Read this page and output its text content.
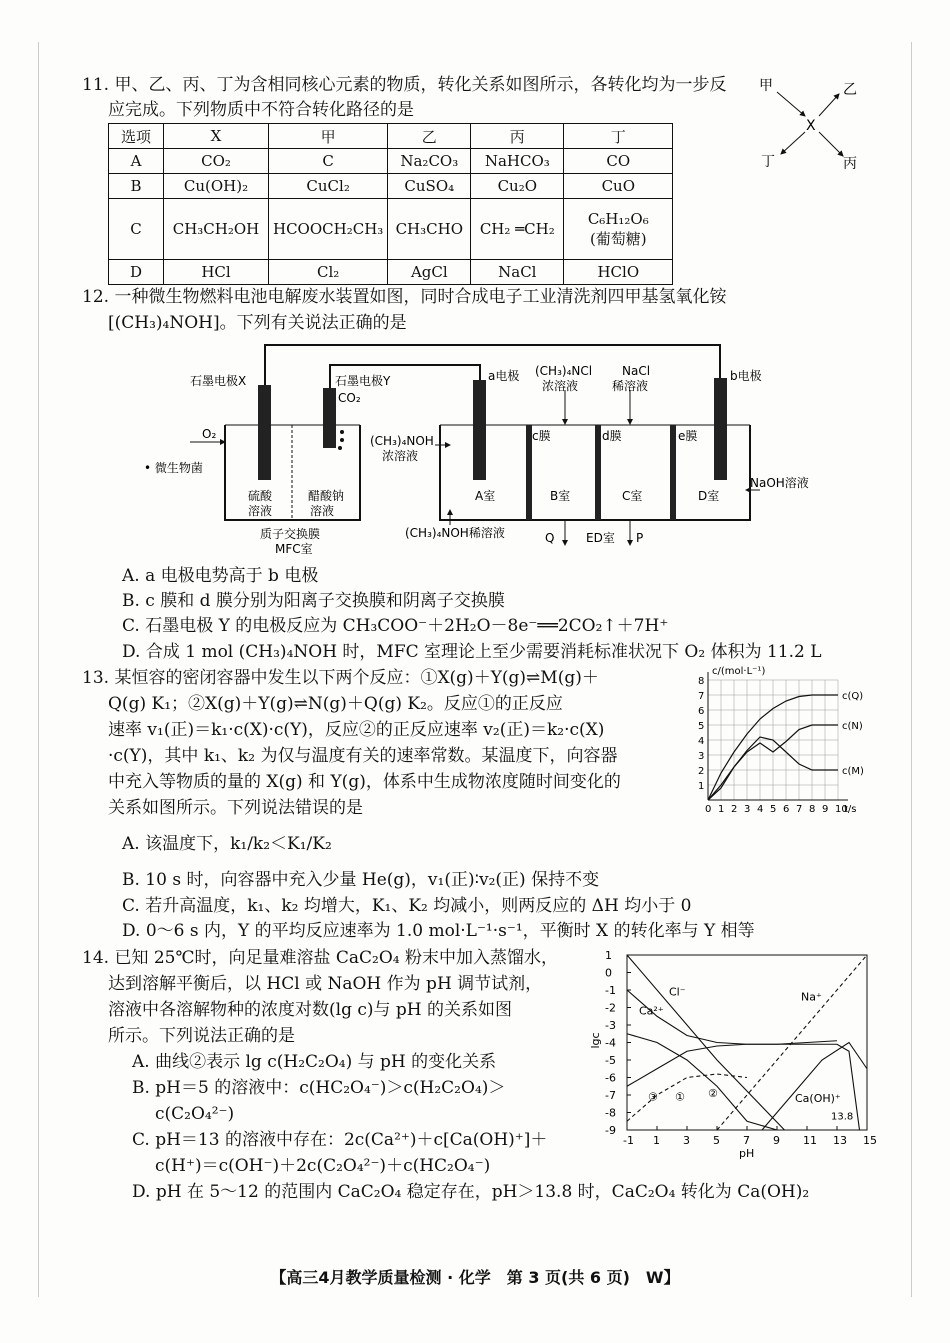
11. 甲、乙、丙、丁为含相同核心元素的物质，转化关系如图所示，各转化均为一步反
应完成。下列物质中不符合转化路径的是
甲	乙
X
丁	丙
选项	X	甲	乙	丙	丁
A	CO₂	C	Na₂CO₃	NaHCO₃	CO
B	Cu(OH)₂	CuCl₂	CuSO₄	Cu₂O	CuO
C	CH₃CH₂OH	HCOOCH₂CH₃	CH₃CHO	CH₂ ═CH₂	C₆H₁₂O₆
(葡萄糖)

D	HCl	Cl₂	AgCl	NaCl	HClO
12. 一种微生物燃料电池电解废水装置如图，同时合成电子工业清洗剂四甲基氢氧化铵
[(CH₃)₄NOH]。下列有关说法正确的是
石墨电极X	石墨电极Y
CO₂
O₂
• 微生物菌
硫酸
溶液
醋酸钠
溶液
质子交换膜
MFC室
a电极	b电极
(CH₃)₄NCl
浓溶液
NaCl
稀溶液
(CH₃)₄NOH
浓溶液
(CH₃)₄NOH稀溶液
c膜	d膜	e膜
A室	B室	C室	D室
NaOH溶液
Q	ED室 P
A. a 电极电势高于 b 电极
B. c 膜和 d 膜分别为阳离子交换膜和阴离子交换膜
C. 石墨电极 Y 的电极反应为 CH₃COO⁻＋2H₂O－8e⁻══2CO₂↑＋7H⁺
D. 合成 1 mol (CH₃)₄NOH 时，MFC 室理论上至少需要消耗标准状况下 O₂ 体积为 11.2 L
13. 某恒容的密闭容器中发生以下两个反应：①X(g)＋Y(g)⇌M(g)＋
Q(g) K₁；②X(g)＋Y(g)⇌N(g)＋Q(g) K₂。反应①的正反应
速率 v₁(正)＝k₁·c(X)·c(Y)，反应②的正反应速率 v₂(正)＝k₂·c(X)
·c(Y)，其中 k₁、k₂ 为仅与温度有关的速率常数。某温度下，向容器
中充入等物质的量的 X(g) 和 Y(g)，体系中生成物浓度随时间变化的
关系如图所示。下列说法错误的是
c/(mol·L⁻¹)
t/s
1
2
3
4
5
6
7
8
0 1 2 3 4 5 6 7 8 9 10
c(Q)
c(N)
c(M)
A. 该温度下，k₁/k₂＜K₁/K₂
B. 10 s 时，向容器中充入少量 He(g)，v₁(正)∶v₂(正) 保持不变
C. 若升高温度，k₁、k₂ 均增大，K₁、K₂ 均减小，则两反应的 ΔH 均小于 0
D. 0～6 s 内，Y 的平均反应速率为 1.0 mol·L⁻¹·s⁻¹，平衡时 X 的转化率与 Y 相等
14. 已知 25℃时，向足量难溶盐 CaC₂O₄ 粉末中加入蒸馏水，
达到溶解平衡后，以 HCl 或 NaOH 作为 pH 调节试剂，
溶液中各溶解物种的浓度对数(lg c)与 pH 的关系如图
所示。下列说法正确的是
A. 曲线②表示 lg c(H₂C₂O₄) 与 pH 的变化关系
B. pH＝5 的溶液中：c(HC₂O₄⁻)＞c(H₂C₂O₄)＞
c(C₂O₄²⁻)
C. pH＝13 的溶液中存在：2c(Ca²⁺)＋c[Ca(OH)⁺]＋
c(H⁺)＝c(OH⁻)＋2c(C₂O₄²⁻)＋c(HC₂O₄⁻)
D. pH 在 5～12 的范围内 CaC₂O₄ 稳定存在，pH＞13.8 时，CaC₂O₄ 转化为 Ca(OH)₂
1
0
-1
-2
-3
-4
-5
-6
-7
-8
-9
-1 1 3 5 7 9 11 13 15
lgc
pH
Cl⁻	Na⁺
Ca²⁺
① ②
③	Ca(OH)⁺
13.8
【高三4月教学质量检测 · 化学　第 3 页(共 6 页)　W】
